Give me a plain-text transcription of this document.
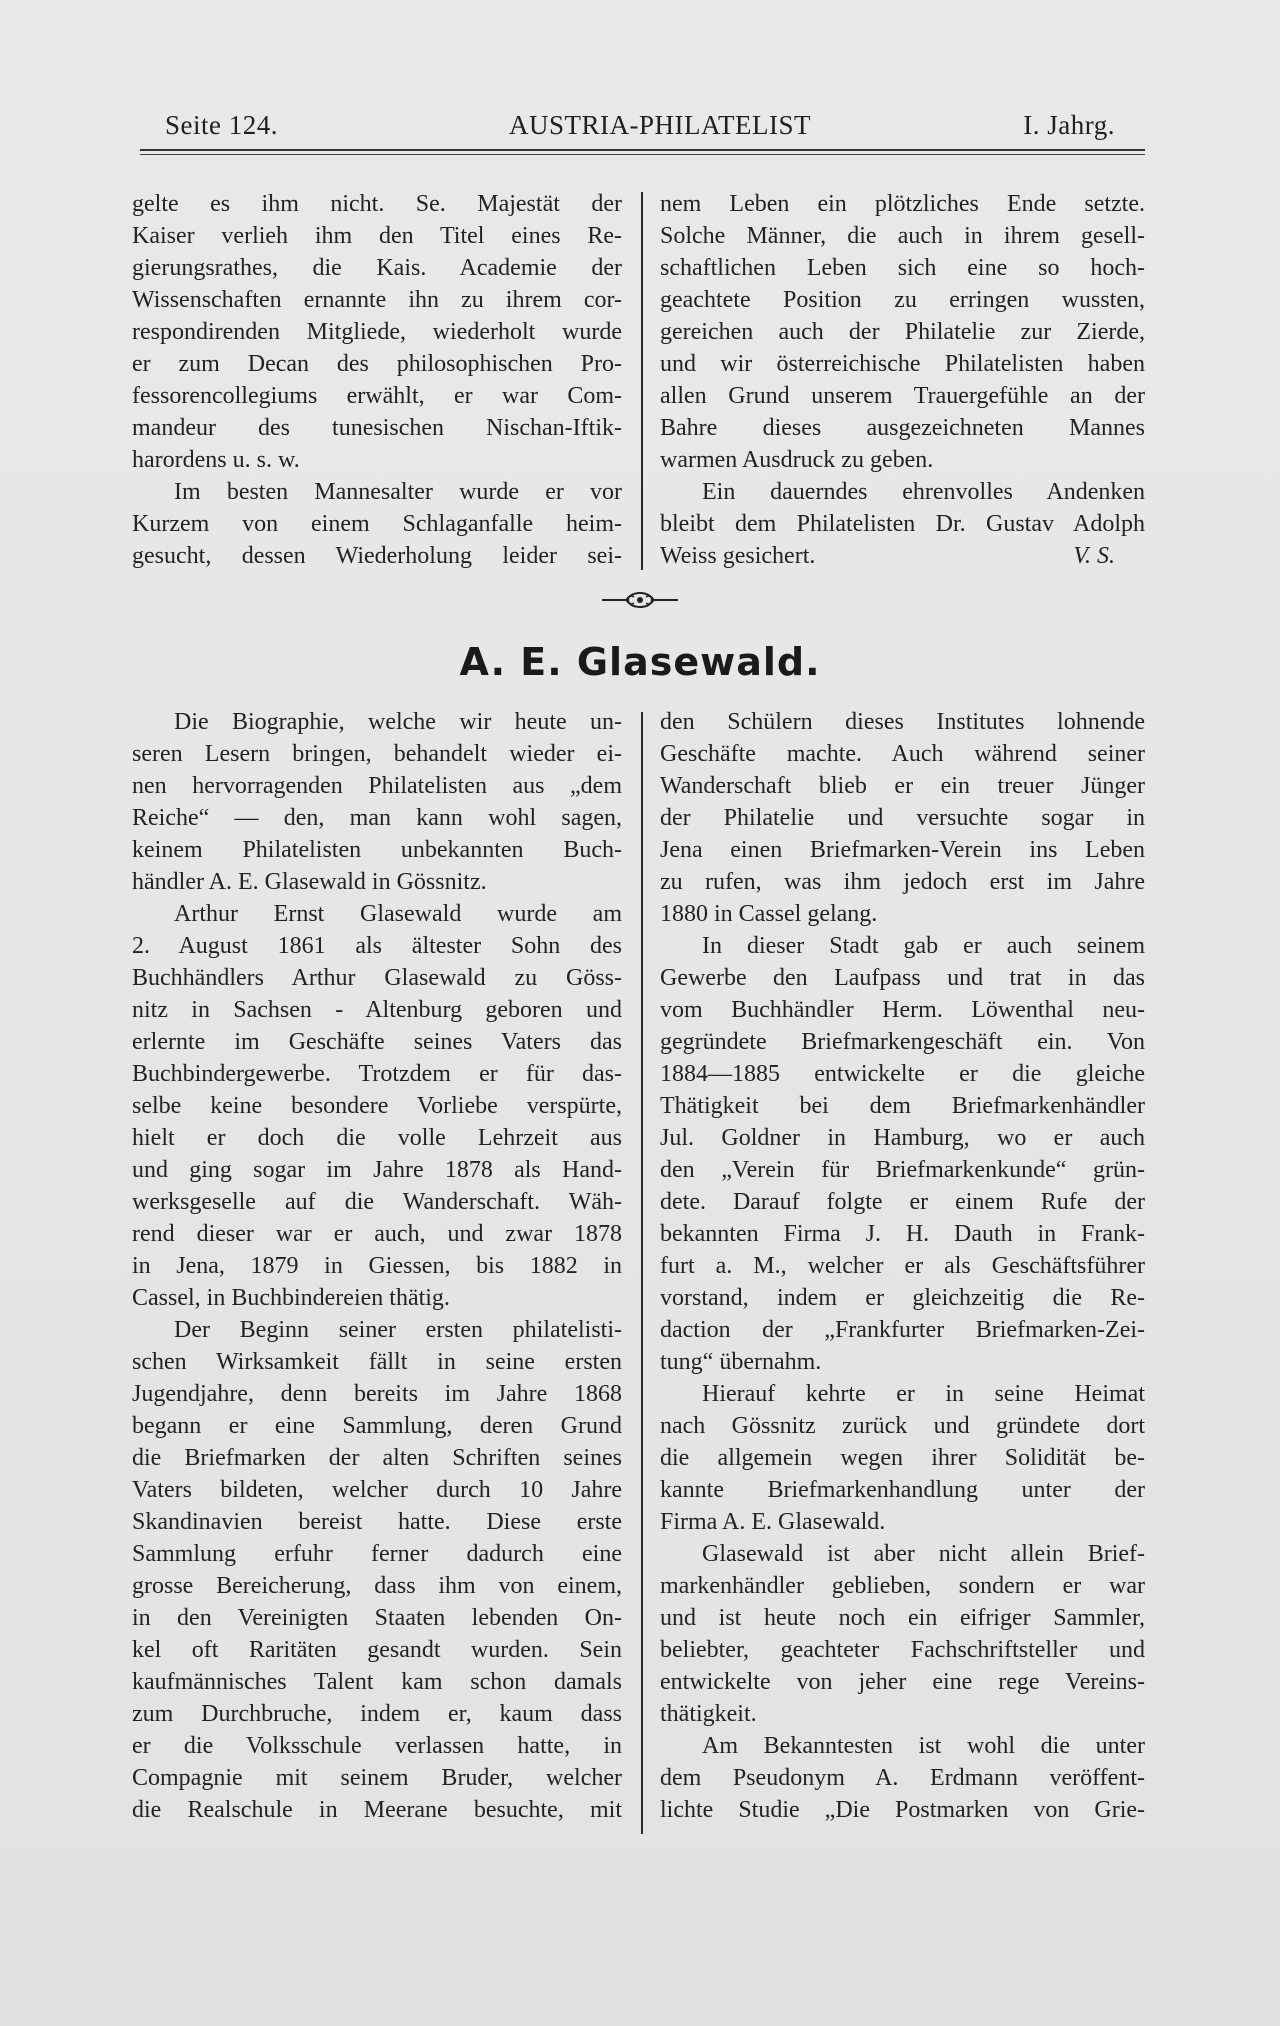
Seite 124.	AUSTRIA-PHILATELIST	I. Jahrg.

gelte es ihm nicht. Se. Majestät der

Kaiser verlieh ihm den Titel eines Re-

gierungsrathes, die Kais. Academie der

Wissenschaften ernannte ihn zu ihrem cor-

respondirenden Mitgliede, wiederholt wurde

er zum Decan des philosophischen Pro-

fessorencollegiums erwählt, er war Com-

mandeur des tunesischen Nischan-Iftik-

harordens u. s. w.

Im besten Mannesalter wurde er vor

Kurzem von einem Schlaganfalle heim-

gesucht, dessen Wiederholung leider sei-

nem Leben ein plötzliches Ende setzte.

Solche Männer, die auch in ihrem gesell-

schaftlichen Leben sich eine so hoch-

geachtete Position zu erringen wussten,

gereichen auch der Philatelie zur Zierde,

und wir österreichische Philatelisten haben

allen Grund unserem Trauergefühle an der

Bahre dieses ausgezeichneten Mannes

warmen Ausdruck zu geben.

Ein dauerndes ehrenvolles Andenken

bleibt dem Philatelisten Dr. Gustav Adolph

Weiss gesichert.	V. S.

A. E. Glasewald.

Die Biographie, welche wir heute un-

seren Lesern bringen, behandelt wieder ei-

nen hervorragenden Philatelisten aus „dem

Reiche“ — den, man kann wohl sagen,

keinem Philatelisten unbekannten Buch-

händler A. E. Glasewald in Gössnitz.

Arthur Ernst Glasewald wurde am

2. August 1861 als ältester Sohn des

Buchhändlers Arthur Glasewald zu Göss-

nitz in Sachsen - Altenburg geboren und

erlernte im Geschäfte seines Vaters das

Buchbindergewerbe. Trotzdem er für das-

selbe keine besondere Vorliebe verspürte,

hielt er doch die volle Lehrzeit aus

und ging sogar im Jahre 1878 als Hand-

werksgeselle auf die Wanderschaft. Wäh-

rend dieser war er auch, und zwar 1878

in Jena, 1879 in Giessen, bis 1882 in

Cassel, in Buchbindereien thätig.

Der Beginn seiner ersten philatelisti-

schen Wirksamkeit fällt in seine ersten

Jugendjahre, denn bereits im Jahre 1868

begann er eine Sammlung, deren Grund

die Briefmarken der alten Schriften seines

Vaters bildeten, welcher durch 10 Jahre

Skandinavien bereist hatte. Diese erste

Sammlung erfuhr ferner dadurch eine

grosse Bereicherung, dass ihm von einem,

in den Vereinigten Staaten lebenden On-

kel oft Raritäten gesandt wurden. Sein

kaufmännisches Talent kam schon damals

zum Durchbruche, indem er, kaum dass

er die Volksschule verlassen hatte, in

Compagnie mit seinem Bruder, welcher

die Realschule in Meerane besuchte, mit

den Schülern dieses Institutes lohnende

Geschäfte machte. Auch während seiner

Wanderschaft blieb er ein treuer Jünger

der Philatelie und versuchte sogar in

Jena einen Briefmarken-Verein ins Leben

zu rufen, was ihm jedoch erst im Jahre

1880 in Cassel gelang.

In dieser Stadt gab er auch seinem

Gewerbe den Laufpass und trat in das

vom Buchhändler Herm. Löwenthal neu-

gegründete Briefmarkengeschäft ein. Von

1884—1885 entwickelte er die gleiche

Thätigkeit bei dem Briefmarkenhändler

Jul. Goldner in Hamburg, wo er auch

den „Verein für Briefmarkenkunde“ grün-

dete. Darauf folgte er einem Rufe der

bekannten Firma J. H. Dauth in Frank-

furt a. M., welcher er als Geschäftsführer

vorstand, indem er gleichzeitig die Re-

daction der „Frankfurter Briefmarken-Zei-

tung“ übernahm.

Hierauf kehrte er in seine Heimat

nach Gössnitz zurück und gründete dort

die allgemein wegen ihrer Solidität be-

kannte Briefmarkenhandlung unter der

Firma A. E. Glasewald.

Glasewald ist aber nicht allein Brief-

markenhändler geblieben, sondern er war

und ist heute noch ein eifriger Sammler,

beliebter, geachteter Fachschriftsteller und

entwickelte von jeher eine rege Vereins-

thätigkeit.

Am Bekanntesten ist wohl die unter

dem Pseudonym A. Erdmann veröffent-

lichte Studie „Die Postmarken von Grie-
